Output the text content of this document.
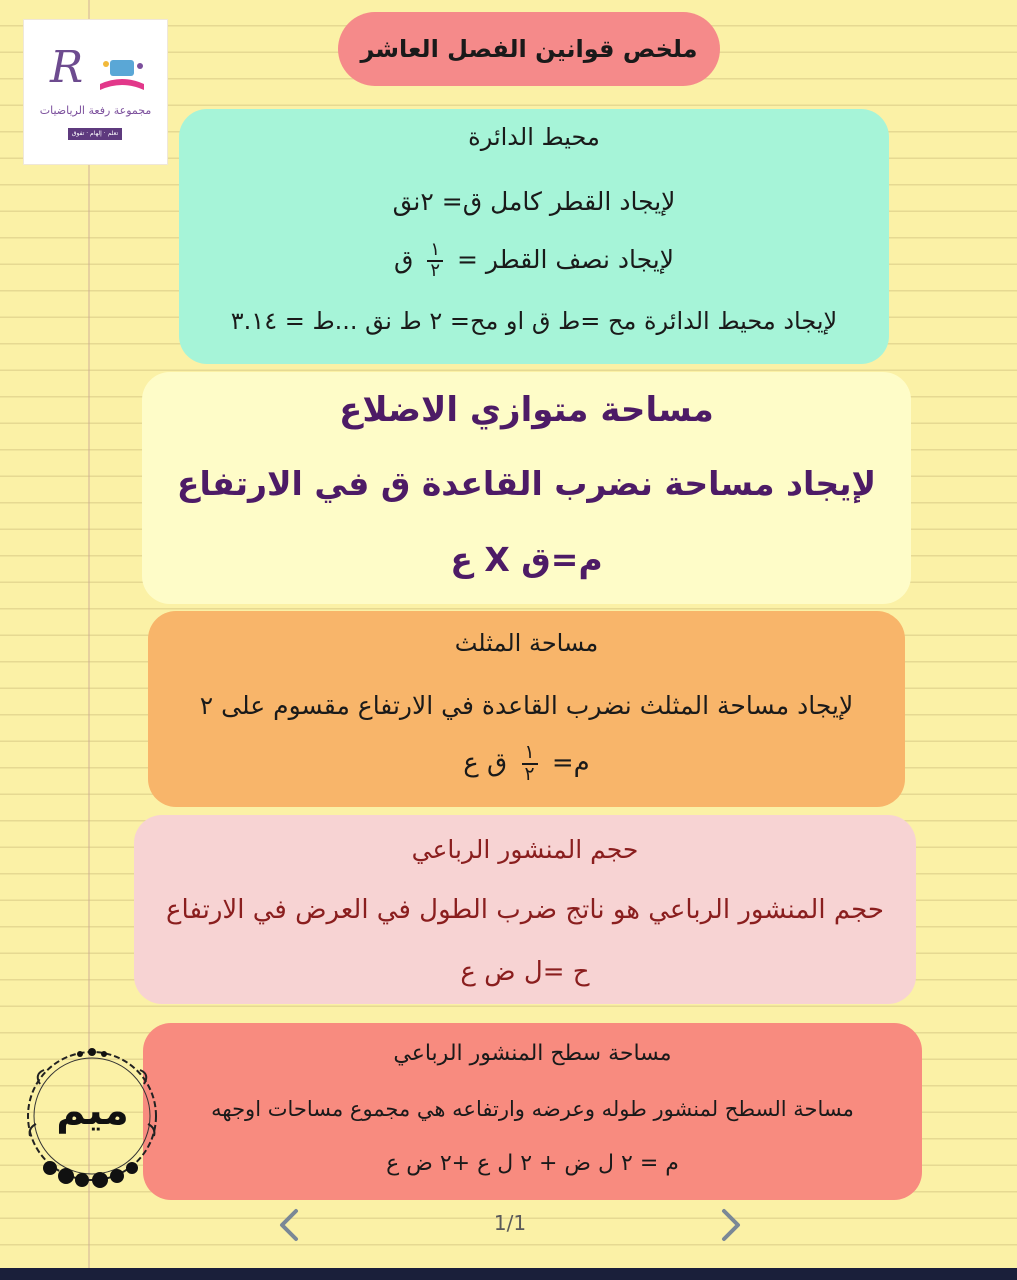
R
مجموعة رفعة الرياضيات
تعلم · إلهام · تفوق
ملخص قوانين الفصل العاشر
محيط الدائرة
لإيجاد القطر كامل ق= ٢نق
لإيجاد نصف القطر =
$\frac{١}{٢}$
ق
لإيجاد محيط الدائرة مح =ط ق او مح= ٢ ط نق ...ط = ٣.١٤
مساحة متوازي الاضلاع
لإيجاد مساحة نضرب القاعدة ق في الارتفاع
م=ق X ع
مساحة المثلث
لإيجاد مساحة المثلث نضرب القاعدة في الارتفاع مقسوم على ٢
م=
$\frac{١}{٢}$
ق ع
حجم المنشور الرباعي
حجم المنشور الرباعي هو ناتج ضرب الطول في العرض في الارتفاع
ح =ل ض ع
مساحة سطح المنشور الرباعي
مساحة السطح لمنشور طوله وعرضه وارتفاعه هي مجموع مساحات اوجهه
م = ٢ ل ض + ٢ ل ع +٢ ض ع
ميم
1/1
